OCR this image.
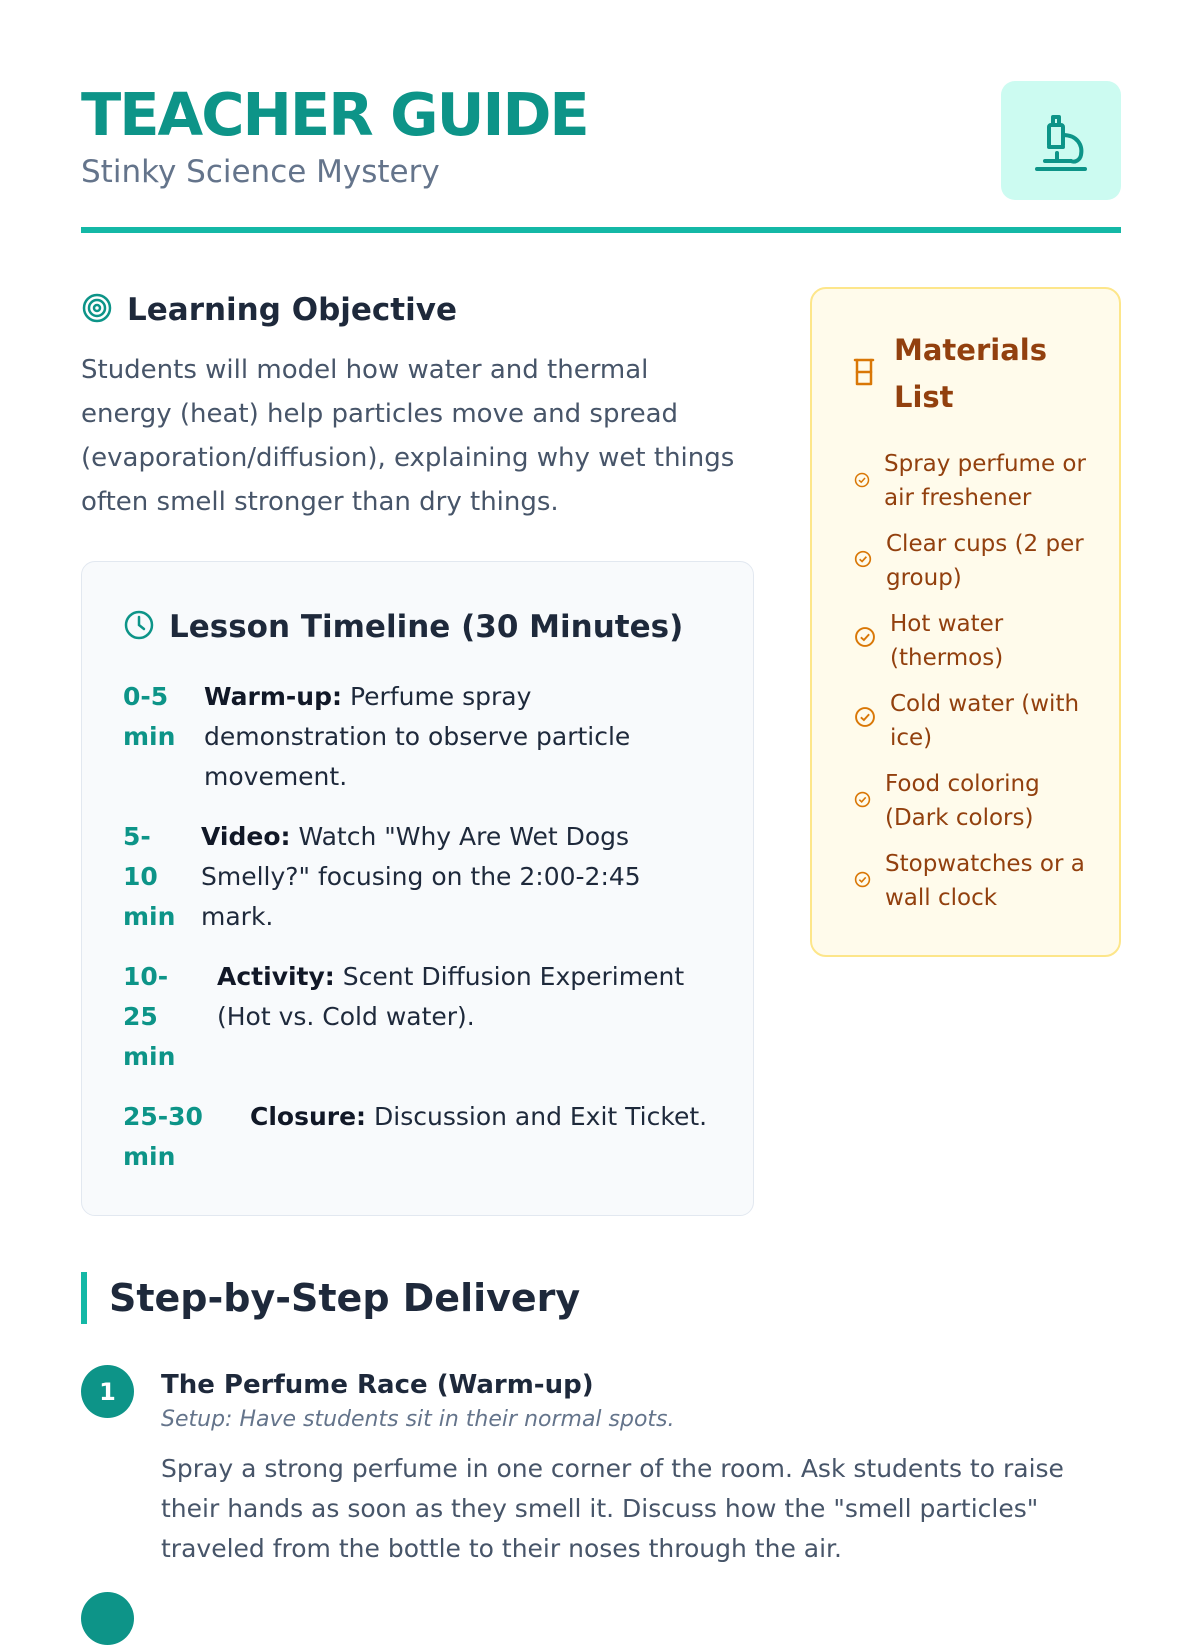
TEACHER GUIDE
Stinky Science Mystery
Learning Objective

Students will model how water and thermal energy (heat) help particles move and spread (evaporation/diffusion), explaining why wet things often smell stronger than dry things.

Lesson Timeline (30 Minutes)
0-5 min
Warm-up: Perfume spray demonstration to observe particle movement.
5-10 min
Video: Watch "Why Are Wet Dogs Smelly?" focusing on the 2:00-2:45 mark.
10-25 min
Activity: Scent Diffusion Experiment (Hot vs. Cold water).
25-30 min
Closure: Discussion and Exit Ticket.
Materials List
Spray perfume or air freshener
Clear cups (2 per group)
Hot water (thermos)
Cold water (with ice)
Food coloring (Dark colors)
Stopwatches or a wall clock
Step-by-Step Delivery
1	The Perfume Race (Warm-up)
Setup: Have students sit in their normal spots.

Spray a strong perfume in one corner of the room. Ask students to raise their hands as soon as they smell it. Discuss how the "smell particles" traveled from the bottle to their noses through the air.
